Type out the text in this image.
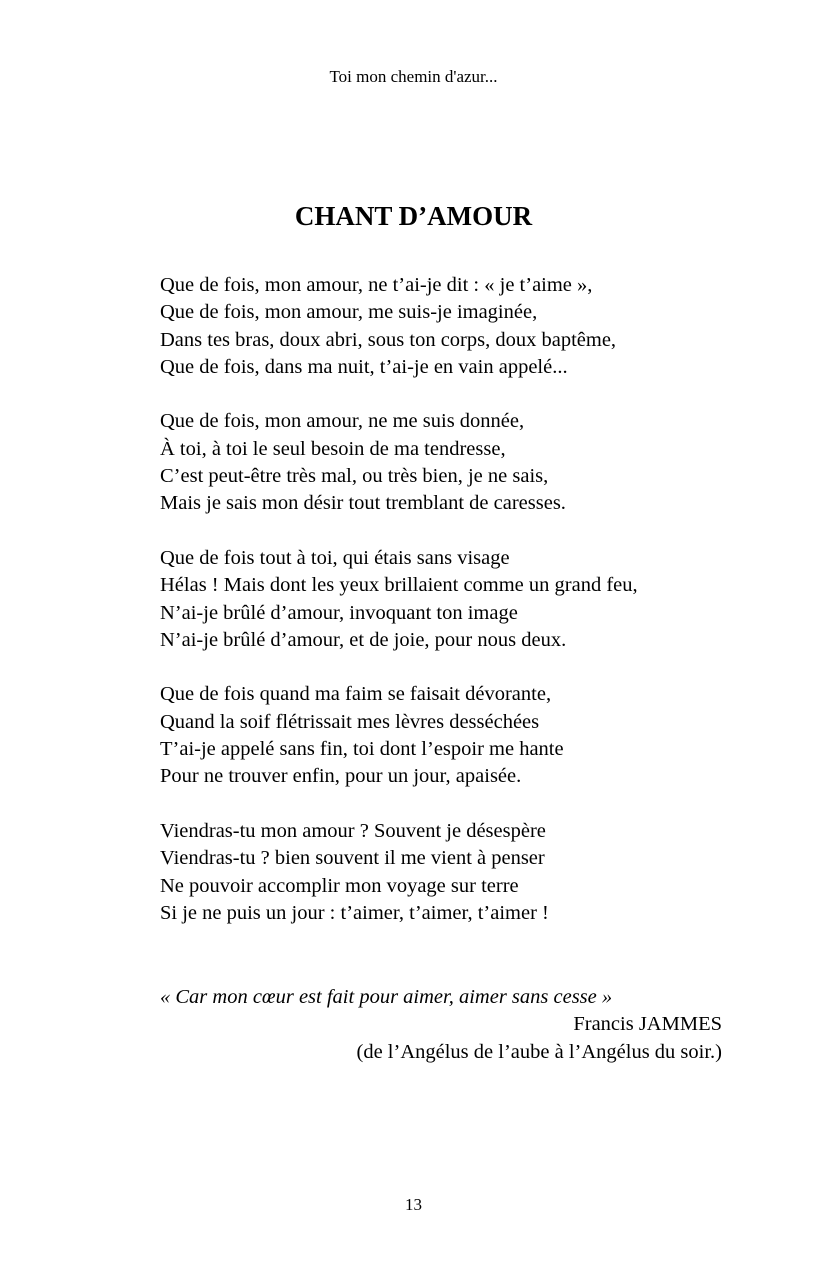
Toi mon chemin d'azur...
CHANT D’AMOUR
Que de fois, mon amour, ne t’ai-je dit : « je t’aime »,
Que de fois, mon amour, me suis-je imaginée,
Dans tes bras, doux abri, sous ton corps, doux baptême,
Que de fois, dans ma nuit, t’ai-je en vain appelé...
Que de fois, mon amour, ne me suis donnée,
À toi, à toi le seul besoin de ma tendresse,
C’est peut-être très mal, ou très bien, je ne sais,
Mais je sais mon désir tout tremblant de caresses.
Que de fois tout à toi, qui étais sans visage
Hélas ! Mais dont les yeux brillaient comme un grand feu,
N’ai-je brûlé d’amour, invoquant ton image
N’ai-je brûlé d’amour, et de joie, pour nous deux.
Que de fois quand ma faim se faisait dévorante,
Quand la soif flétrissait mes lèvres desséchées
T’ai-je appelé sans fin, toi dont l’espoir me hante
Pour ne trouver enfin, pour un jour, apaisée.
Viendras-tu mon amour ? Souvent je désespère
Viendras-tu ? bien souvent il me vient à penser
Ne pouvoir accomplir mon voyage sur terre
Si je ne puis un jour : t’aimer, t’aimer, t’aimer !
« Car mon cœur est fait pour aimer, aimer sans cesse »
Francis JAMMES
(de l’Angélus de l’aube à l’Angélus du soir.)
13
